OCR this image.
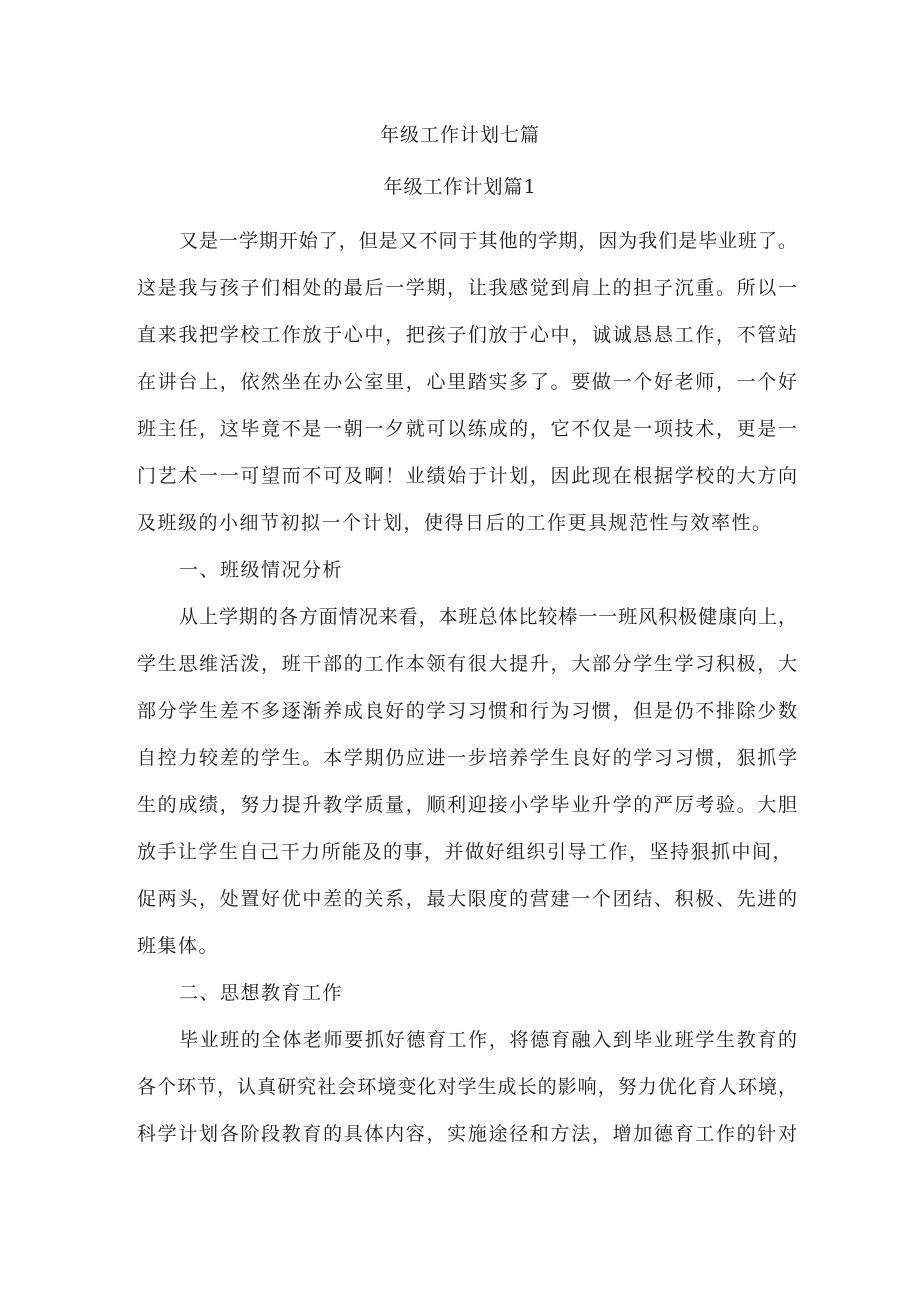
年级工作计划七篇
年级工作计划篇1
又是一学期开始了，但是又不同于其他的学期，因为我们是毕业班了。
这是我与孩子们相处的最后一学期，让我感觉到肩上的担子沉重。所以一
直来我把学校工作放于心中，把孩子们放于心中，诚诚恳恳工作，不管站
在讲台上，依然坐在办公室里，心里踏实多了。要做一个好老师，一个好
班主任，这毕竟不是一朝一夕就可以练成的，它不仅是一项技术，更是一
门艺术一一可望而不可及啊！业绩始于计划，因此现在根据学校的大方向
及班级的小细节初拟一个计划，使得日后的工作更具规范性与效率性。
一、班级情况分析
从上学期的各方面情况来看，本班总体比较棒一一班风积极健康向上，
学生思维活泼，班干部的工作本领有很大提升，大部分学生学习积极，大
部分学生差不多逐渐养成良好的学习习惯和行为习惯，但是仍不排除少数
自控力较差的学生。本学期仍应进一步培养学生良好的学习习惯，狠抓学
生的成绩，努力提升教学质量，顺利迎接小学毕业升学的严厉考验。大胆
放手让学生自己干力所能及的事，并做好组织引导工作，坚持狠抓中间，
促两头，处置好优中差的关系，最大限度的营建一个团结、积极、先进的
班集体。
二、思想教育工作
毕业班的全体老师要抓好德育工作，将德育融入到毕业班学生教育的
各个环节，认真研究社会环境变化对学生成长的影响，努力优化育人环境，
科学计划各阶段教育的具体内容，实施途径和方法，增加德育工作的针对
